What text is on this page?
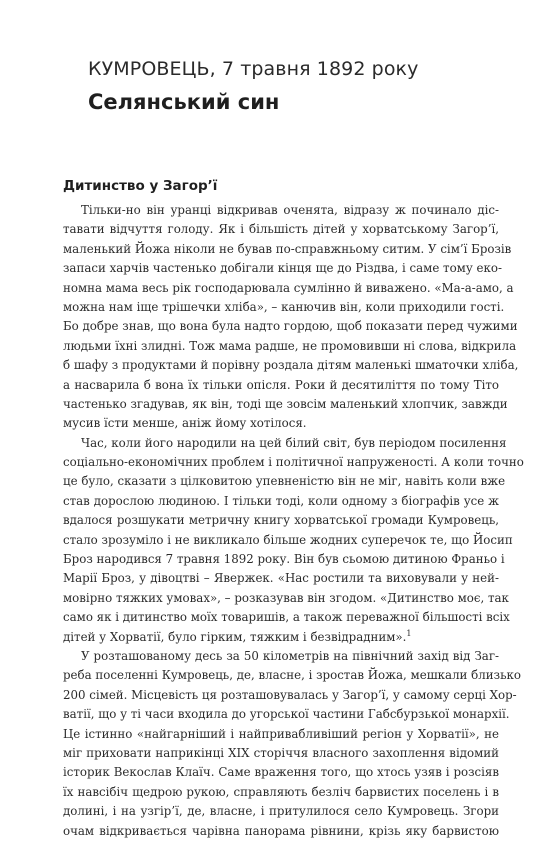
КУМРОВЕЦЬ, 7 травня 1892 року
Селянський син
Дитинство у Загор’ї
Тільки-но він уранці відкривав оченята, відразу ж починало діс-
тавати відчуття голоду. Як і більшість дітей у хорватському Загор’ї,
маленький Йожа ніколи не бував по-справжньому ситим. У сім’ї Брозів
запаси харчів частенько добігали кінця ще до Різдва, і саме тому еко-
номна мама весь рік господарювала сумлінно й виважено. «Ма-а-амо, а
можна нам іще трішечки хліба», – канючив він, коли приходили гості.
Бо добре знав, що вона була надто гордою, щоб показати перед чужими
людьми їхні злидні. Тож мама радше, не промовивши ні слова, відкрила
б шафу з продуктами й порівну роздала дітям маленькі шматочки хліба,
а насварила б вона їх тільки опісля. Роки й десятиліття по тому Тіто
частенько згадував, як він, тоді ще зовсім маленький хлопчик, завжди
мусив їсти менше, аніж йому хотілося.
Час, коли його народили на цей білий світ, був періодом посилення
соціально-економічних проблем і політичної напруженості. А коли точно
це було, сказати з цілковитою упевненістю він не міг, навіть коли вже
став дорослою людиною. І тільки тоді, коли одному з біографів усе ж
вдалося розшукати метричну книгу хорватської громади Кумровець,
стало зрозуміло і не викликало більше жодних суперечок те, що Йосип
Броз народився 7 травня 1892 року. Він був сьомою дитиною Франьо і
Марії Броз, у дівоцтві – Явержек. «Нас ростили та виховували у ней-
мовірно тяжких умовах», – розказував він згодом. «Дитинство моє, так
само як і дитинство моїх товаришів, а також переважної більшості всіх
дітей у Хорватії, було гірким, тяжким і безвідрадним».$^1$
У розташованому десь за 50 кілометрів на північний захід від Заг-
реба поселенні Кумровець, де, власне, і зростав Йожа, мешкали близько
200 сімей. Місцевість ця розташовувалась у Загор’ї, у самому серці Хор-
ватії, що у ті часи входила до угорської частини Габсбурзької монархії.
Це істинно «найгарніший і найпривабливіший регіон у Хорватії», не
міг приховати наприкінці XIX сторіччя власного захоплення відомий
історик Векослав Клаїч. Саме враження того, що хтось узяв і розсіяв
їх навсібіч щедрою рукою, справляють безліч барвистих поселень і в
долині, і на узгір’ї, де, власне, і притулилося село Кумровець. Згори
очам відкривається чарівна панорама рівнини, крізь яку барвистою
